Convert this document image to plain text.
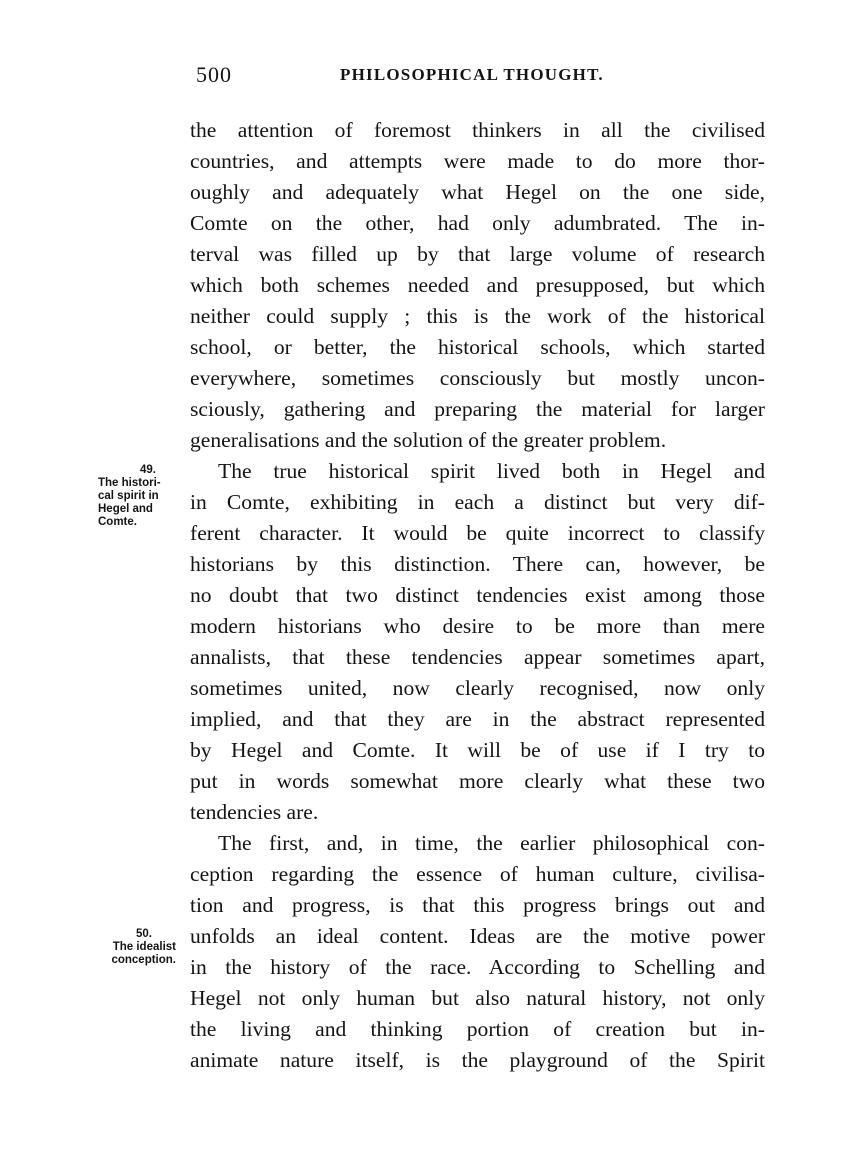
500	PHILOSOPHICAL THOUGHT.
49.
The histori-
cal spirit in
Hegel and
Comte.
50.
The idealist
conception.
the attention of foremost thinkers in all the civilised
countries, and attempts were made to do more thor-
oughly and adequately what Hegel on the one side,
Comte on the other, had only adumbrated. The in-
terval was filled up by that large volume of research
which both schemes needed and presupposed, but which
neither could supply ; this is the work of the historical
school, or better, the historical schools, which started
everywhere, sometimes consciously but mostly uncon-
sciously, gathering and preparing the material for larger
generalisations and the solution of the greater problem.
The true historical spirit lived both in Hegel and
in Comte, exhibiting in each a distinct but very dif-
ferent character. It would be quite incorrect to classify
historians by this distinction. There can, however, be
no doubt that two distinct tendencies exist among those
modern historians who desire to be more than mere
annalists, that these tendencies appear sometimes apart,
sometimes united, now clearly recognised, now only
implied, and that they are in the abstract represented
by Hegel and Comte. It will be of use if I try to
put in words somewhat more clearly what these two
tendencies are.
The first, and, in time, the earlier philosophical con-
ception regarding the essence of human culture, civilisa-
tion and progress, is that this progress brings out and
unfolds an ideal content. Ideas are the motive power
in the history of the race. According to Schelling and
Hegel not only human but also natural history, not only
the living and thinking portion of creation but in-
animate nature itself, is the playground of the Spirit
